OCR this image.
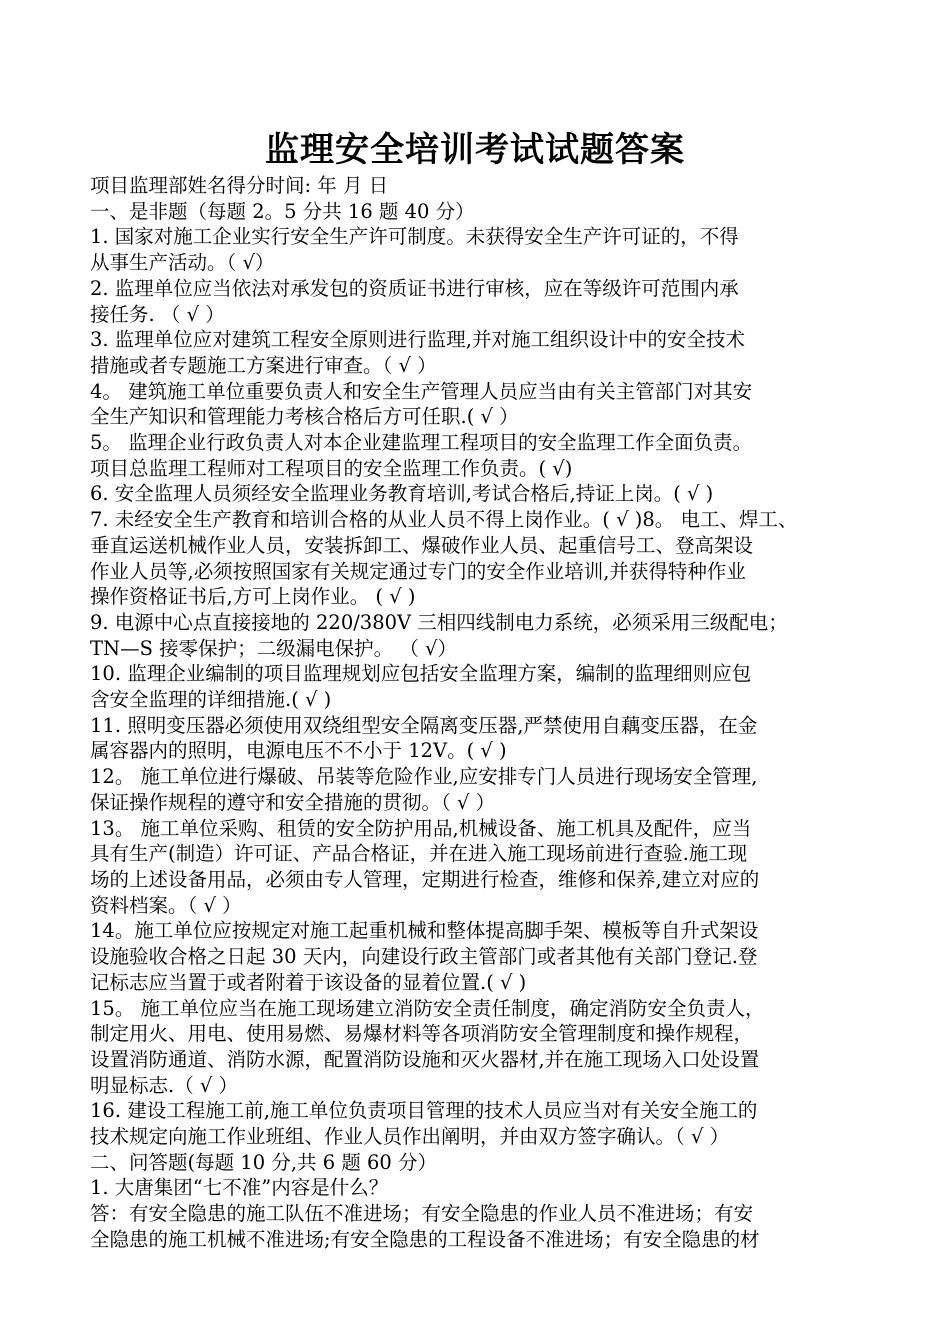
监理安全培训考试试题答案
项目监理部姓名得分时间: 年 月 日
一、是非题（每题 2。5 分共 16 题 40 分）
1. 国家对施工企业实行安全生产许可制度。未获得安全生产许可证的，不得
从事生产活动。（ √）
2. 监理单位应当依法对承发包的资质证书进行审核，应在等级许可范围内承
接任务. （ √ ）
3. 监理单位应对建筑工程安全原则进行监理,并对施工组织设计中的安全技术
措施或者专题施工方案进行审查。（ √ ）
4。 建筑施工单位重要负责人和安全生产管理人员应当由有关主管部门对其安
全生产知识和管理能力考核合格后方可任职.( √ ）
5。 监理企业行政负责人对本企业建监理工程项目的安全监理工作全面负责。
项目总监理工程师对工程项目的安全监理工作负责。( √)
6. 安全监理人员须经安全监理业务教育培训,考试合格后,持证上岗。( √ )
7. 未经安全生产教育和培训合格的从业人员不得上岗作业。( √ )8。 电工、焊工、
垂直运送机械作业人员，安装拆卸工、爆破作业人员、起重信号工、登高架设
作业人员等,必须按照国家有关规定通过专门的安全作业培训,并获得特种作业
操作资格证书后,方可上岗作业。 ( √ )
9. 电源中心点直接接地的 220/380V 三相四线制电力系统，必须采用三级配电；
TN—S 接零保护；二级漏电保护。 （ √）
10. 监理企业编制的项目监理规划应包括安全监理方案，编制的监理细则应包
含安全监理的详细措施.( √ )
11. 照明变压器必须使用双绕组型安全隔离变压器,严禁使用自藕变压器，在金
属容器内的照明，电源电压不不小于 12V。( √ )
12。 施工单位进行爆破、吊装等危险作业,应安排专门人员进行现场安全管理,
保证操作规程的遵守和安全措施的贯彻。（ √ ）
13。 施工单位采购、租赁的安全防护用品,机械设备、施工机具及配件，应当
具有生产(制造）许可证、产品合格证，并在进入施工现场前进行查验.施工现
场的上述设备用品，必须由专人管理，定期进行检查，维修和保养,建立对应的
资料档案。（ √ ）
14。施工单位应按规定对施工起重机械和整体提高脚手架、模板等自升式架设
设施验收合格之日起 30 天内，向建设行政主管部门或者其他有关部门登记.登
记标志应当置于或者附着于该设备的显着位置.( √ )
15。 施工单位应当在施工现场建立消防安全责任制度，确定消防安全负责人，
制定用火、用电、使用易燃、易爆材料等各项消防安全管理制度和操作规程，
设置消防通道、消防水源，配置消防设施和灭火器材,并在施工现场入口处设置
明显标志.（ √ ）
16. 建设工程施工前,施工单位负责项目管理的技术人员应当对有关安全施工的
技术规定向施工作业班组、作业人员作出阐明，并由双方签字确认。（ √ ）
二、问答题(每题 10 分,共 6 题 60 分）
1. 大唐集团“七不准”内容是什么？
答：有安全隐患的施工队伍不准进场；有安全隐患的作业人员不准进场；有安
全隐患的施工机械不准进场;有安全隐患的工程设备不准进场；有安全隐患的材
